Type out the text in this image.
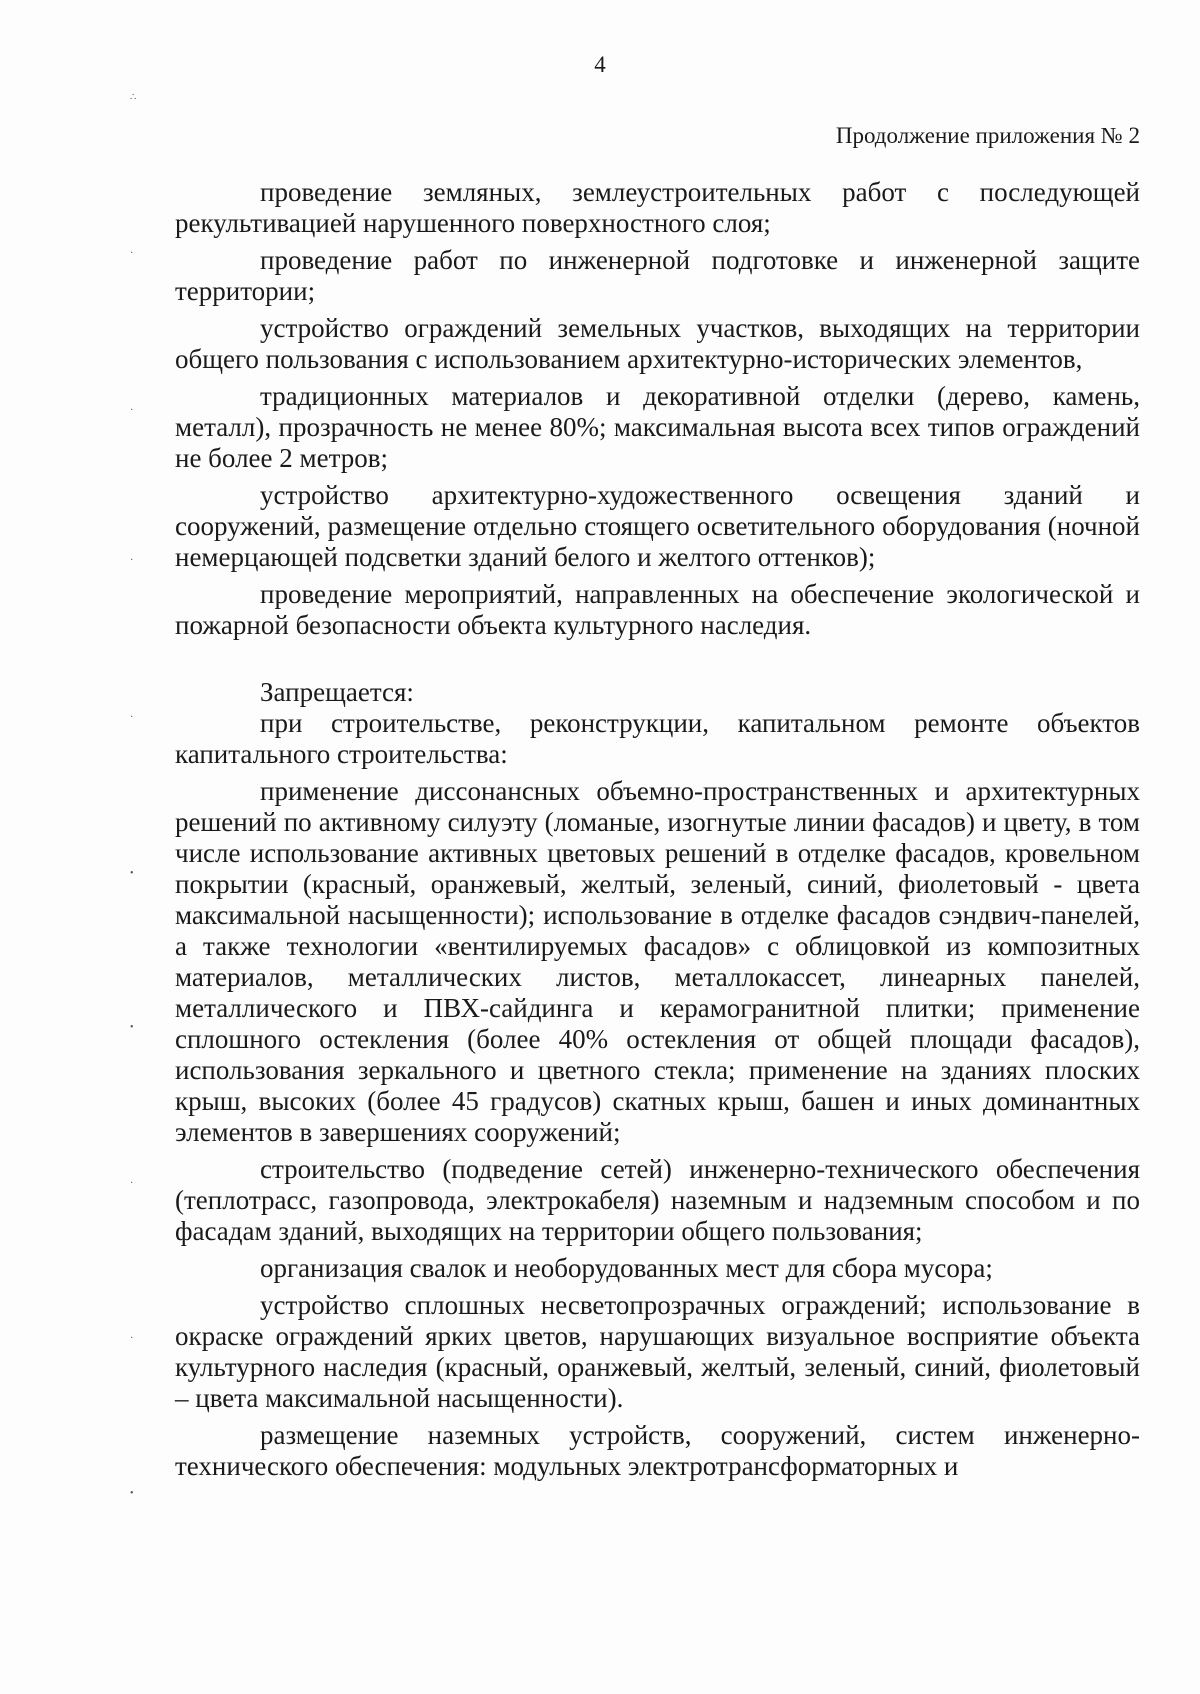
4
Продолжение приложения № 2
∴
·
·
·
·
•
•
·
·
•

проведение земляных, землеустроительных работ с последующей рекультивацией нарушенного поверхностного слоя;

проведение работ по инженерной подготовке и инженерной защите территории;

устройство ограждений земельных участков, выходящих на территории общего пользования с использованием архитектурно-исторических элементов,

традиционных материалов и декоративной отделки (дерево, камень, металл), прозрачность не менее 80%; максимальная высота всех типов ограждений не более 2 метров;

устройство архитектурно-художественного освещения зданий и сооружений, размещение отдельно стоящего осветительного оборудования (ночной немерцающей подсветки зданий белого и желтого оттенков);

проведение мероприятий, направленных на обеспечение экологической и пожарной безопасности объекта культурного наследия.

Запрещается:

при строительстве, реконструкции, капитальном ремонте объектов капитального строительства:

применение диссонансных объемно-пространственных и архитектурных решений по активному силуэту (ломаные, изогнутые линии фасадов) и цвету, в том числе использование активных цветовых решений в отделке фасадов, кровельном покрытии (красный, оранжевый, желтый, зеленый, синий, фиолетовый - цвета максимальной насыщенности); использование в отделке фасадов сэндвич-панелей, а также технологии «вентилируемых фасадов» с облицовкой из композитных материалов, металлических листов, металлокассет, линеарных панелей, металлического и ПВХ-сайдинга и керамогранитной плитки; применение сплошного остекления (более 40% остекления от общей площади фасадов), использования зеркального и цветного стекла; применение на зданиях плоских крыш, высоких (более 45 градусов) скатных крыш, башен и иных доминантных элементов в завершениях сооружений;

строительство (подведение сетей) инженерно-технического обеспечения (теплотрасс, газопровода, электрокабеля) наземным и надземным способом и по фасадам зданий, выходящих на территории общего пользования;

организация свалок и необорудованных мест для сбора мусора;

устройство сплошных несветопрозрачных ограждений; использование в окраске ограждений ярких цветов, нарушающих визуальное восприятие объекта культурного наследия (красный, оранжевый, желтый, зеленый, синий, фиолетовый – цвета максимальной насыщенности).

размещение наземных устройств, сооружений, систем инженерно-технического обеспечения: модульных электротрансформаторных и
